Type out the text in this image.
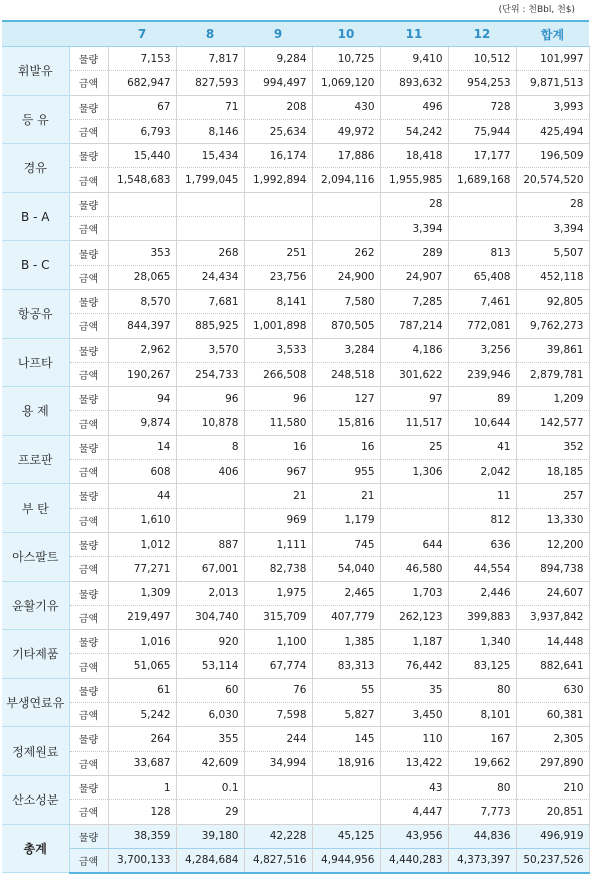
(단위 : 천Bbl, 천$)
		7	8	9	10	11	12	합계
휘발유	물량	7,153	7,817	9,284	10,725	9,410	10,512	101,997
	금액	682,947	827,593	994,497	1,069,120	893,632	954,253	9,871,513
등 유	물량	67	71	208	430	496	728	3,993
	금액	6,793	8,146	25,634	49,972	54,242	75,944	425,494
경유	물량	15,440	15,434	16,174	17,886	18,418	17,177	196,509
	금액	1,548,683	1,799,045	1,992,894	2,094,116	1,955,985	1,689,168	20,574,520
B - A	물량					28		28
	금액					3,394		3,394
B - C	물량	353	268	251	262	289	813	5,507
	금액	28,065	24,434	23,756	24,900	24,907	65,408	452,118
항공유	물량	8,570	7,681	8,141	7,580	7,285	7,461	92,805
	금액	844,397	885,925	1,001,898	870,505	787,214	772,081	9,762,273
나프타	물량	2,962	3,570	3,533	3,284	4,186	3,256	39,861
	금액	190,267	254,733	266,508	248,518	301,622	239,946	2,879,781
용 제	물량	94	96	96	127	97	89	1,209
	금액	9,874	10,878	11,580	15,816	11,517	10,644	142,577
프로판	물량	14	8	16	16	25	41	352
	금액	608	406	967	955	1,306	2,042	18,185
부 탄	물량	44		21	21		11	257
	금액	1,610		969	1,179		812	13,330
아스팔트	물량	1,012	887	1,111	745	644	636	12,200
	금액	77,271	67,001	82,738	54,040	46,580	44,554	894,738
윤활기유	물량	1,309	2,013	1,975	2,465	1,703	2,446	24,607
	금액	219,497	304,740	315,709	407,779	262,123	399,883	3,937,842
기타제품	물량	1,016	920	1,100	1,385	1,187	1,340	14,448
	금액	51,065	53,114	67,774	83,313	76,442	83,125	882,641
부생연료유	물량	61	60	76	55	35	80	630
	금액	5,242	6,030	7,598	5,827	3,450	8,101	60,381
정제원료	물량	264	355	244	145	110	167	2,305
	금액	33,687	42,609	34,994	18,916	13,422	19,662	297,890
산소성분	물량	1	0.1			43	80	210
	금액	128	29			4,447	7,773	20,851
총계	물량	38,359	39,180	42,228	45,125	43,956	44,836	496,919
	금액	3,700,133	4,284,684	4,827,516	4,944,956	4,440,283	4,373,397	50,237,526
